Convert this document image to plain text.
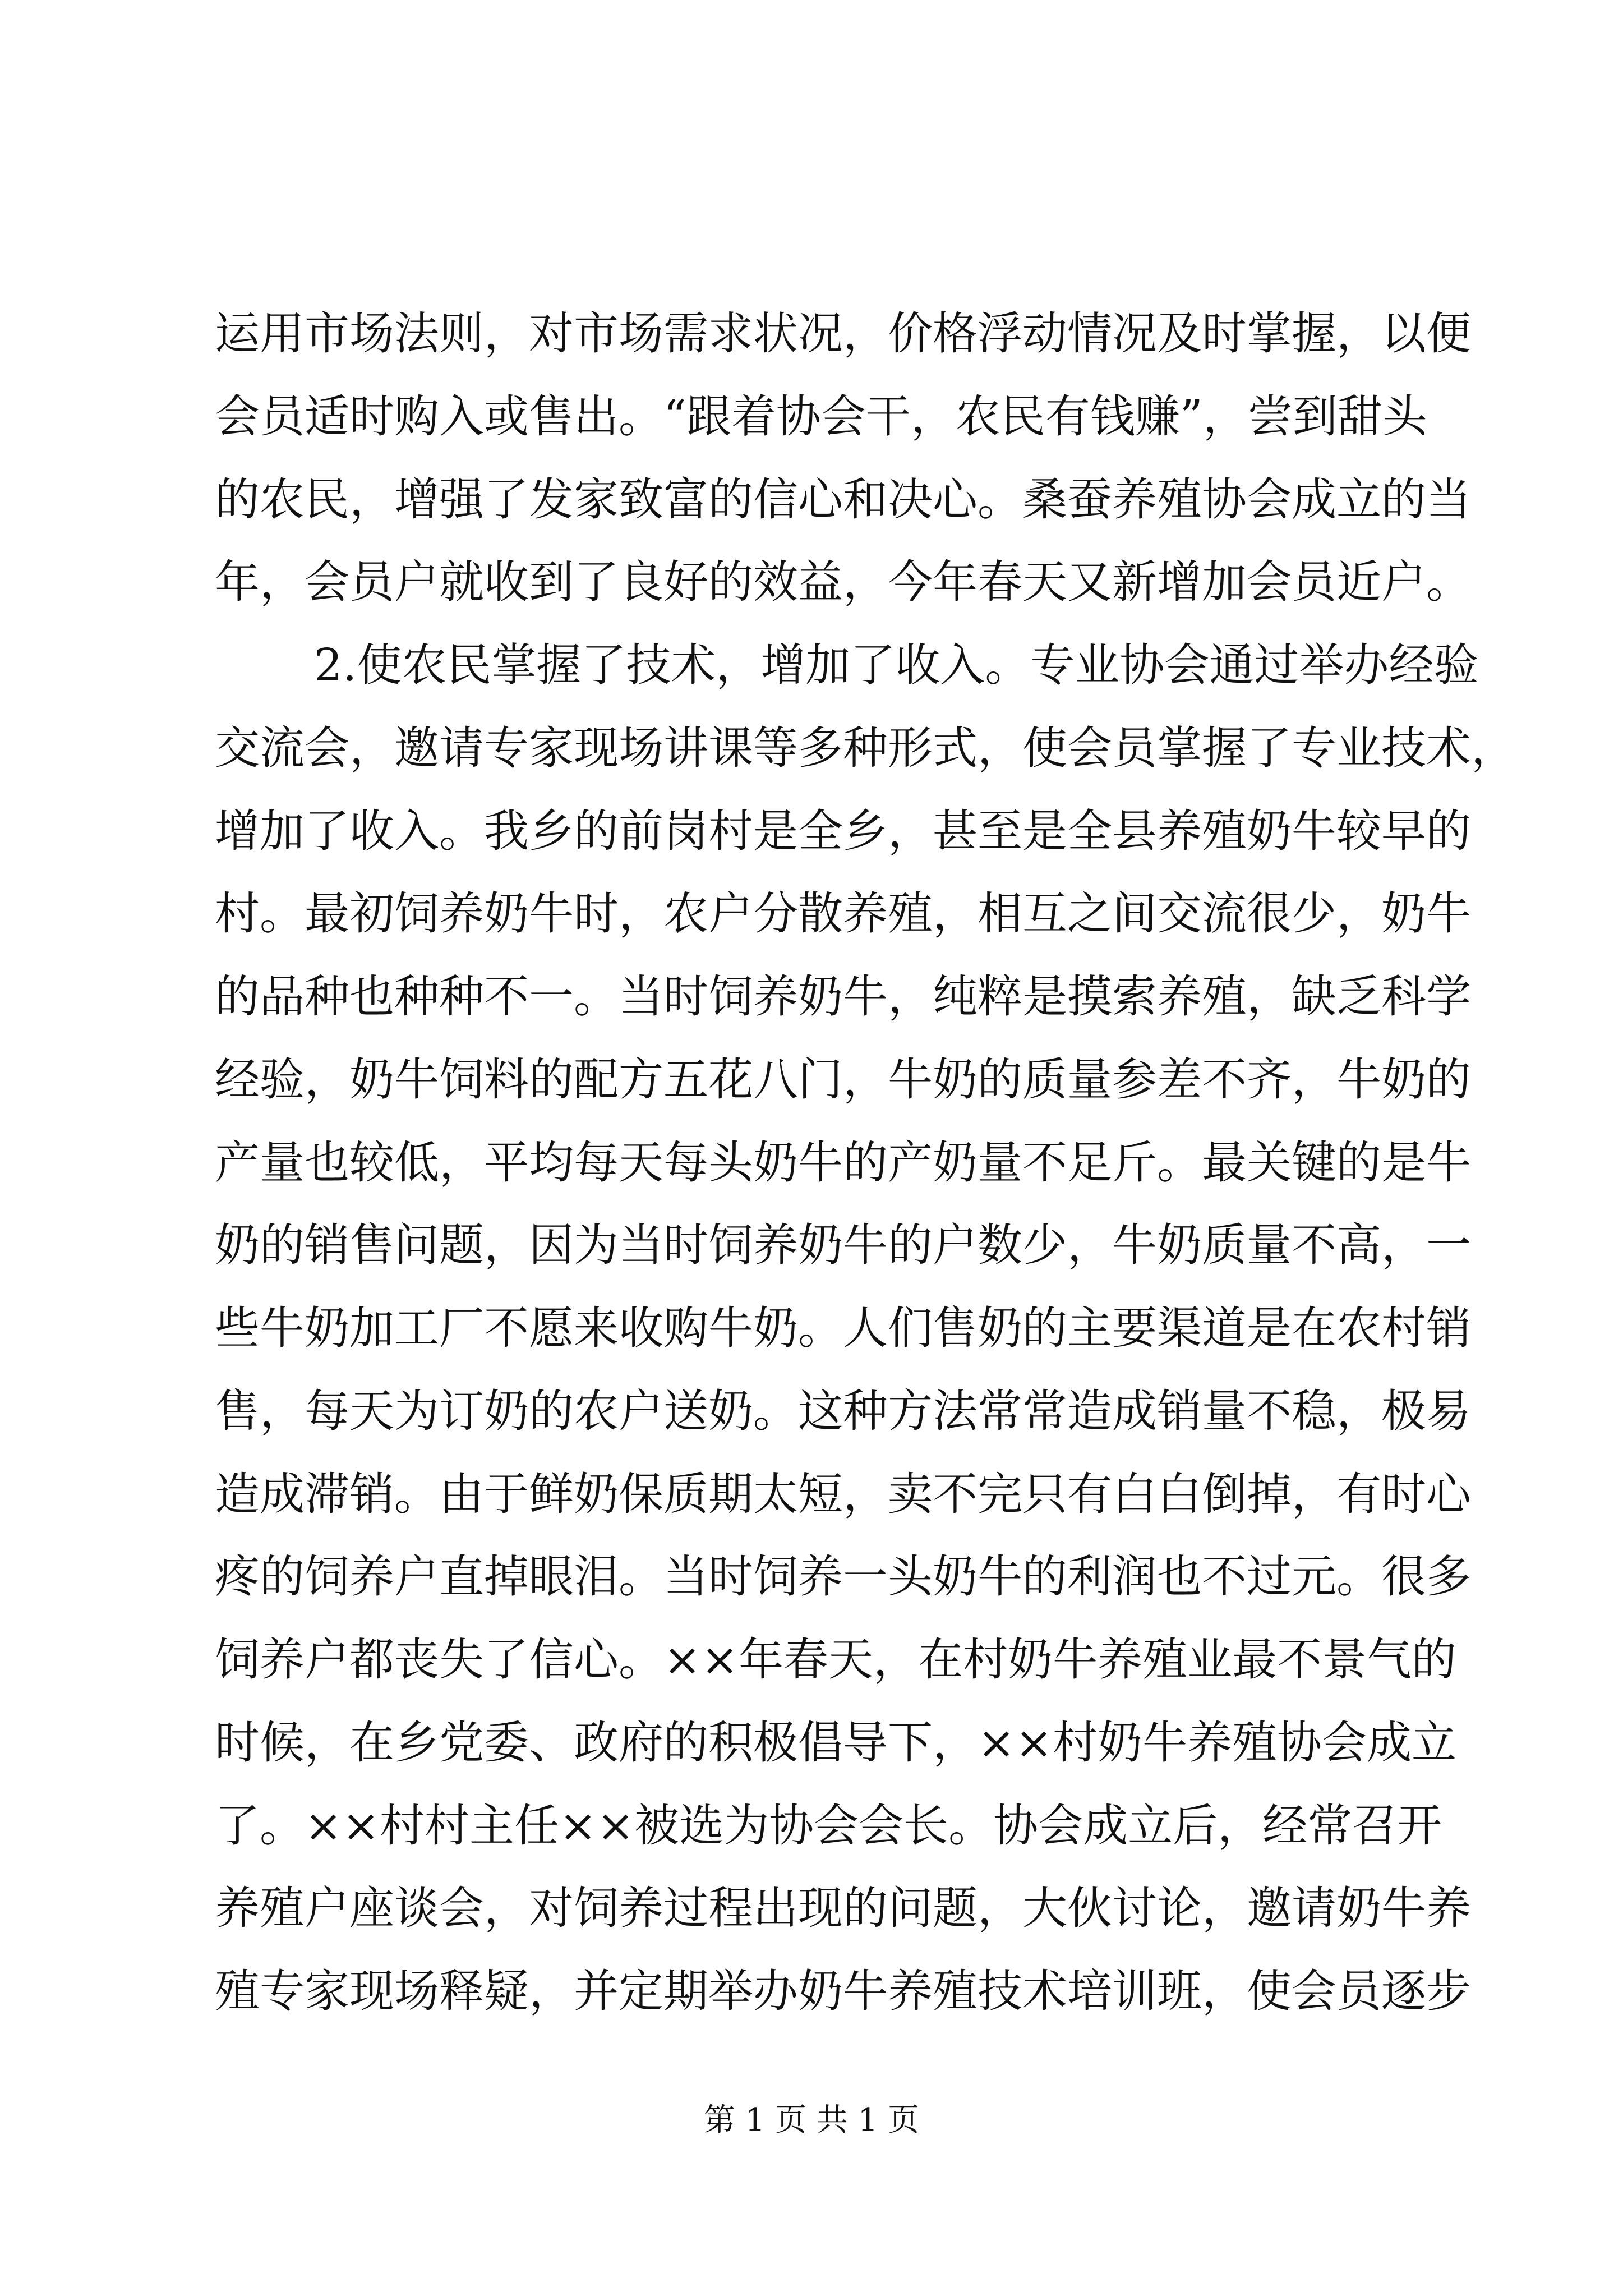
运用市场法则，对市场需求状况，价格浮动情况及时掌握，以便
会员适时购入或售出。“跟着协会干，农民有钱赚”，尝到甜头
的农民，增强了发家致富的信心和决心。桑蚕养殖协会成立的当
年，会员户就收到了良好的效益，今年春天又新增加会员近户。
2.使农民掌握了技术，增加了收入。专业协会通过举办经验
交流会，邀请专家现场讲课等多种形式，使会员掌握了专业技术，
增加了收入。我乡的前岗村是全乡，甚至是全县养殖奶牛较早的
村。最初饲养奶牛时，农户分散养殖，相互之间交流很少，奶牛
的品种也种种不一。当时饲养奶牛，纯粹是摸索养殖，缺乏科学
经验，奶牛饲料的配方五花八门，牛奶的质量参差不齐，牛奶的
产量也较低，平均每天每头奶牛的产奶量不足斤。最关键的是牛
奶的销售问题，因为当时饲养奶牛的户数少，牛奶质量不高，一
些牛奶加工厂不愿来收购牛奶。人们售奶的主要渠道是在农村销
售，每天为订奶的农户送奶。这种方法常常造成销量不稳，极易
造成滞销。由于鲜奶保质期太短，卖不完只有白白倒掉，有时心
疼的饲养户直掉眼泪。当时饲养一头奶牛的利润也不过元。很多
饲养户都丧失了信心。××年春天，在村奶牛养殖业最不景气的
时候，在乡党委、政府的积极倡导下，××村奶牛养殖协会成立
了。××村村主任××被选为协会会长。协会成立后，经常召开
养殖户座谈会，对饲养过程出现的问题，大伙讨论，邀请奶牛养
殖专家现场释疑，并定期举办奶牛养殖技术培训班，使会员逐步
第 1 页 共 1 页
